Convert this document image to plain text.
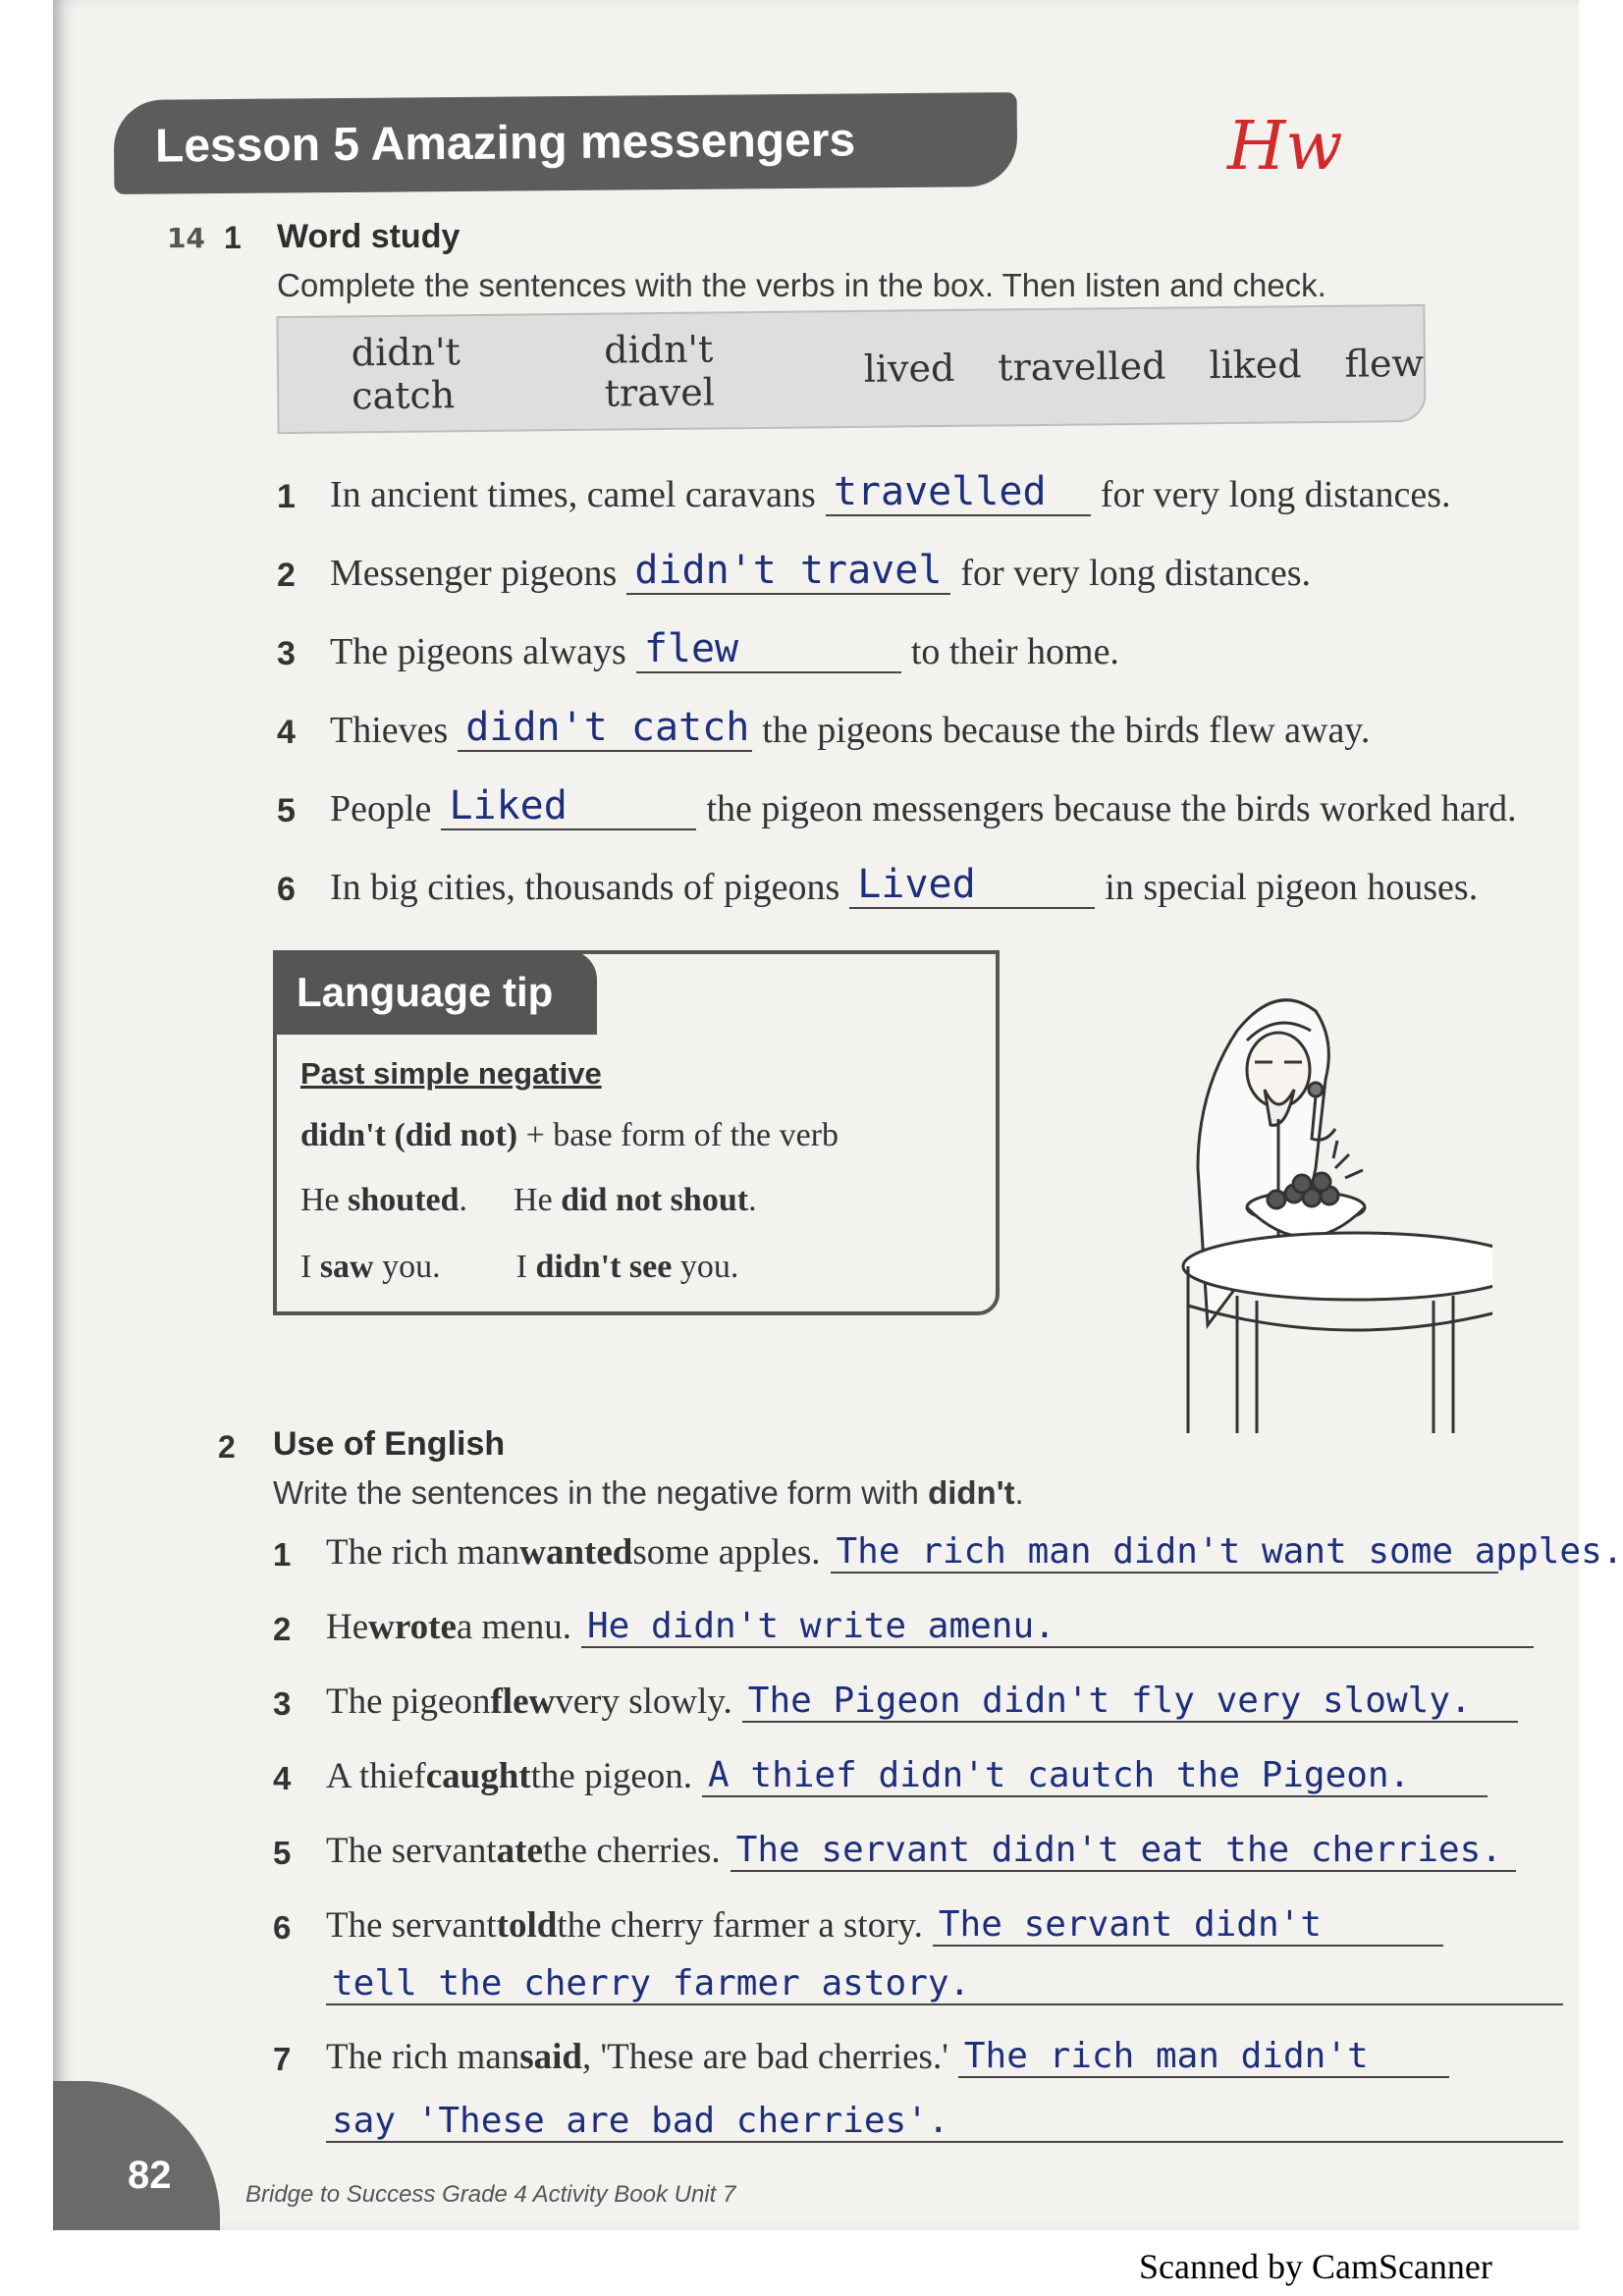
Lesson 5 Amazing messengers	Hw
14 1 Word study
Complete the sentences with the verbs in the box. Then listen and check.
didn't catch
didn't travel
lived travelled liked flew
1 In ancient times, camel caravans travelled	for very long distances.
2 Messenger pigeons didn't travel for very long distances.
3 The pigeons always flew	to their home.
4 Thieves didn't catch the pigeons because the birds flew away.
5 People Liked	the pigeon messengers because the birds worked hard.
6 In big cities, thousands of pigeons Lived	in special pigeon houses.
Language tip
Past simple negative
didn't (did not) + base form of the verb
He shouted. He did not shout.
I saw you. I didn't see you.
2 Use of English
Write the sentences in the negative form with didn't.
1 The rich man wanted some apples. The rich man didn't want some apples.
2 He wrote a menu. He didn't write amenu.
3 The pigeon flew very slowly. The Pigeon didn't fly very slowly.
4 A thief caught the pigeon. A thief didn't cautch the Pigeon.
5 The servant ate the cherries. The servant didn't eat the cherries.
6 The servant told the cherry farmer a story. The servant didn't
tell the cherry farmer astory.
7 The rich man said , 'These are bad cherries.' The rich man didn't
say 'These are bad cherries'.
82	Bridge to Success Grade 4 Activity Book Unit 7
Scanned by CamScanner
